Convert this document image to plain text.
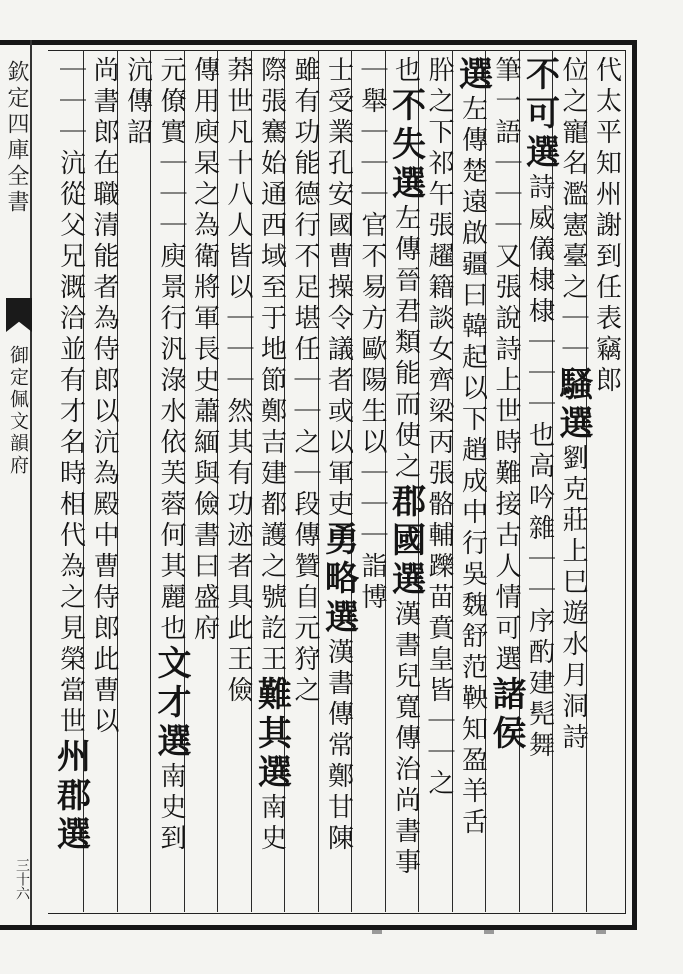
欽定四庫全書
御定佩文韻府
三十六
代太平知州謝到任表竊郎
位之寵名濫憲臺之｜｜騷選劉克莊上巳遊水月洞詩
不可選詩威儀棣棣｜｜｜也高吟雜｜｜序酌建髡舞
筆一語｜｜｜又張說詩上世時難接古人情可選諸侯
選左傳楚遠啟疆曰韓起以下趙成中行吳魏舒范鞅知盈羊舌
肸之下祁午張趯籍談女齊梁丙張骼輔躒苗賁皇皆｜｜之
也不失選左傳晉君類能而使之郡國選漢書兒寬傳治尚書事
｜舉｜｜｜官不易方歐陽生以｜｜｜詣博
士受業孔安國曹操令議者或以軍吏勇略選漢書傳常鄭甘陳
雖有功能德行不足堪任｜｜之｜段傳贊自元狩之
際張騫始通西域至于地節鄭吉建都護之號訖王難其選南史
莽世凡十八人皆以｜｜｜然其有功迹者具此王儉
傳用庾杲之為衛將軍長史蕭緬與儉書曰盛府
元僚實｜｜｜庾景行汎淥水依芙蓉何其麗也文才選南史到
沆傳詔
尚書郎在職清能者為侍郎以沆為殿中曹侍郎此曹以
｜｜｜沆從父兄溉洽並有才名時相代為之見榮當世州郡選
